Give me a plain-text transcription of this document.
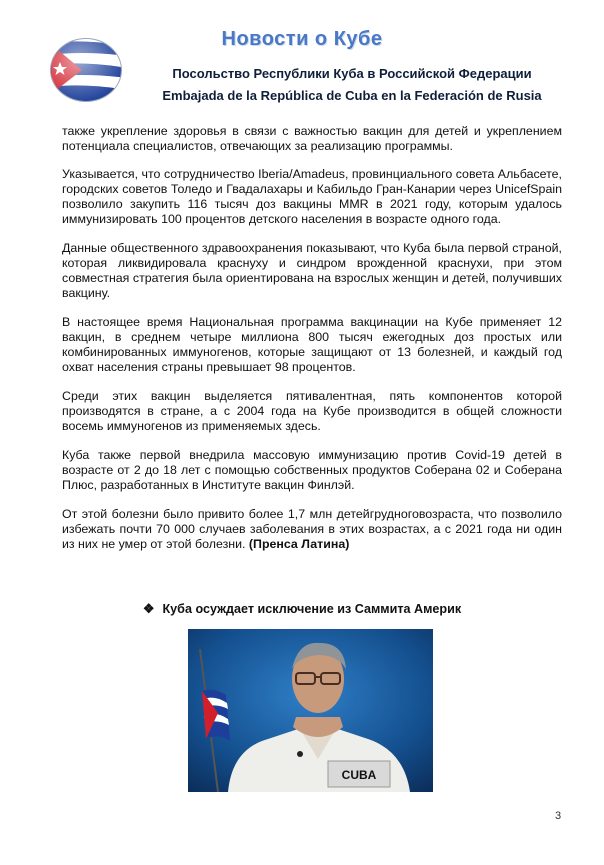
Новости о Кубе
Посольство Республики Куба в Российской Федерации
Embajada de la República de Cuba en la Federación de Rusia

также укрепление здоровья в связи с важностью вакцин для детей и укреплением потенциала специалистов, отвечающих за реализацию программы.

Указывается, что сотрудничество Iberia/Amadeus, провинциального совета Альбасете, городских советов Толедо и Гвадалахары и Кабильдо Гран-Канарии через UnicefSpain позволило закупить 116 тысяч доз вакцины MMR в 2021 году, которым удалось иммунизировать 100 процентов детского населения в возрасте одного года.

Данные общественного здравоохранения показывают, что Куба была первой страной, которая ликвидировала краснуху и синдром врожденной краснухи, при этом совместная стратегия была ориентирована на взрослых женщин и детей, получивших вакцину.

В настоящее время Национальная программа вакцинации на Кубе применяет 12 вакцин, в среднем четыре миллиона 800 тысяч ежегодных доз простых или комбинированных иммуногенов, которые защищают от 13 болезней, и каждый год охват населения страны превышает 98 процентов.

Среди этих вакцин выделяется пятивалентная, пять компонентов которой производятся в стране, а с 2004 года на Кубе производится в общей сложности восемь иммуногенов из применяемых здесь.

Куба также первой внедрила массовую иммунизацию против Covid-19 детей в возрасте от 2 до 18 лет с помощью собственных продуктов Соберана 02 и Соберана Плюс, разработанных в Институте вакцин Финлэй.

От этой болезни было привито более 1,7 млн детейгрудноговозраста, что позволило избежать почти 70 000 случаев заболевания в этих возрастах, а с 2021 года ни один из них не умер от этой болезни. (Пренса Латина)

❖ Куба осуждает исключение из Саммита Америк
CUBA
3
